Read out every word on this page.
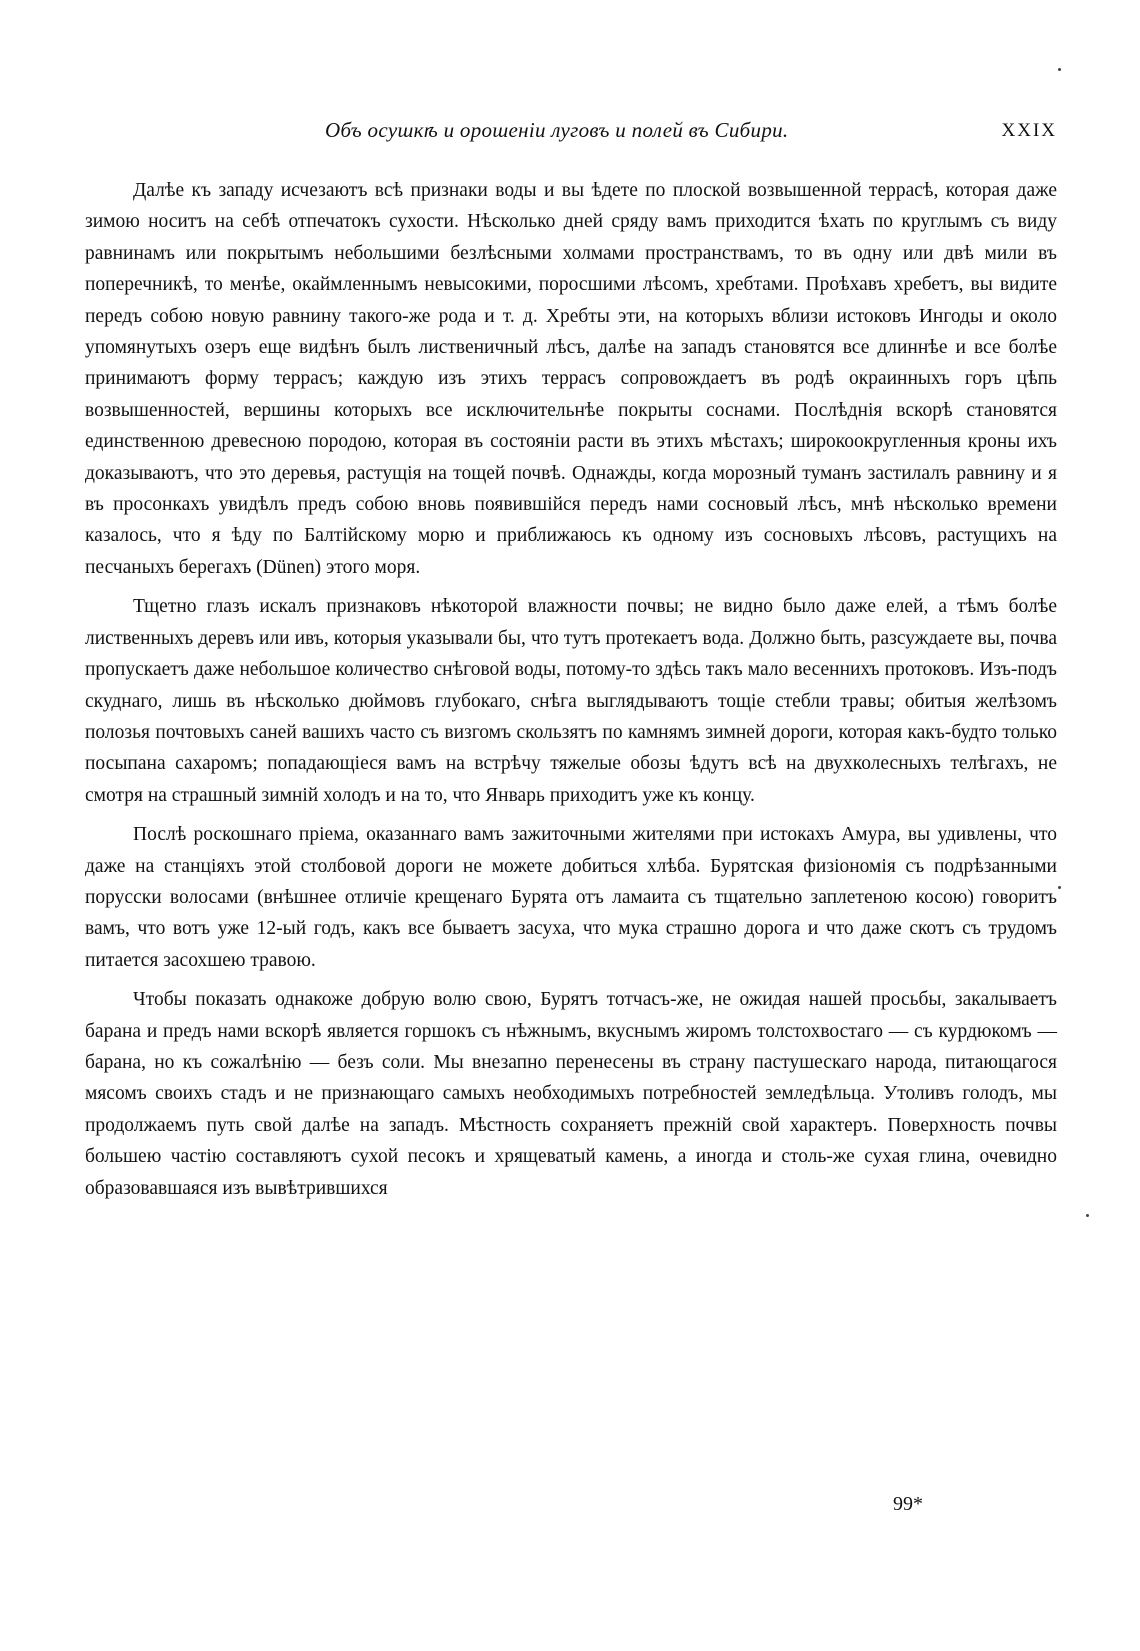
Объ осушкѣ и орошеніи луговъ и полей въ Сибири.	XXIX

Далѣе къ западу исчезаютъ всѣ признаки воды и вы ѣдете по плоской возвышенной террасѣ, которая даже зимою носитъ на себѣ отпечатокъ сухости. Нѣсколько дней сряду вамъ приходится ѣхать по круглымъ съ виду равнинамъ или покрытымъ небольшими безлѣсными холмами пространствамъ, то въ одну или двѣ мили въ поперечникѣ, то менѣе, окаймленнымъ невысокими, поросшими лѣсомъ, хребтами. Проѣхавъ хребетъ, вы видите передъ собою новую равнину такого-же рода и т. д. Хребты эти, на которыхъ вблизи истоковъ Ингоды и около упомянутыхъ озеръ еще видѣнъ былъ лиственичный лѣсъ, далѣе на западъ становятся все длиннѣе и все болѣе принимаютъ форму террасъ; каждую изъ этихъ террасъ сопровождаетъ въ родѣ окраинныхъ горъ цѣпь возвышенностей, вершины которыхъ все исключительнѣе покрыты соснами. Послѣднія вскорѣ становятся единственною древесною породою, которая въ состояніи расти въ этихъ мѣстахъ; широкоокругленныя кроны ихъ доказываютъ, что это деревья, растущія на тощей почвѣ. Однажды, когда морозный туманъ застилалъ равнину и я въ просонкахъ увидѣлъ предъ собою вновь появившійся передъ нами сосновый лѣсъ, мнѣ нѣсколько времени казалось, что я ѣду по Балтійскому морю и приближаюсь къ одному изъ сосновыхъ лѣсовъ, растущихъ на песчаныхъ берегахъ (Dünen) этого моря.

Тщетно глазъ искалъ признаковъ нѣкоторой влажности почвы; не видно было даже елей, а тѣмъ болѣе лиственныхъ деревъ или ивъ, которыя указывали бы, что тутъ протекаетъ вода. Должно быть, разсуждаете вы, почва пропускаетъ даже небольшое количество снѣговой воды, потому-то здѣсь такъ мало весеннихъ протоковъ. Изъ-подъ скуднаго, лишь въ нѣсколько дюймовъ глубокаго, снѣга выглядываютъ тощіе стебли травы; обитыя желѣзомъ полозья почтовыхъ саней вашихъ часто съ визгомъ скользятъ по камнямъ зимней дороги, которая какъ-будто только посыпана сахаромъ; попадающіеся вамъ на встрѣчу тяжелые обозы ѣдутъ всѣ на двухколесныхъ телѣгахъ, не смотря на страшный зимній холодъ и на то, что Январь приходитъ уже къ концу.

Послѣ роскошнаго пріема, оказаннаго вамъ зажиточными жителями при истокахъ Амура, вы удивлены, что даже на станціяхъ этой столбовой дороги не можете добиться хлѣба. Бурятская физіономія съ подрѣзанными порусски волосами (внѣшнее отличіе крещенаго Бурята отъ ламаита съ тщательно заплетеною косою) говоритъ вамъ, что вотъ уже 12-ый годъ, какъ все бываетъ засуха, что мука страшно дорога и что даже скотъ съ трудомъ питается засохшею травою.

Чтобы показать однакоже добрую волю свою, Бурятъ тотчасъ-же, не ожидая нашей просьбы, закалываетъ барана и предъ нами вскорѣ является горшокъ съ нѣжнымъ, вкуснымъ жиромъ толстохвостаго — съ курдюкомъ — барана, но къ сожалѣнію — безъ соли. Мы внезапно перенесены въ страну пастушескаго народа, питающагося мясомъ своихъ стадъ и не признающаго самыхъ необходимыхъ потребностей земледѣльца. Утоливъ голодъ, мы продолжаемъ путь свой далѣе на западъ. Мѣстность сохраняетъ прежній свой характеръ. Поверхность почвы большею частію составляютъ сухой песокъ и хрящеватый камень, а иногда и столь-же сухая глина, очевидно образовавшаяся изъ вывѣтрившихся

99*
